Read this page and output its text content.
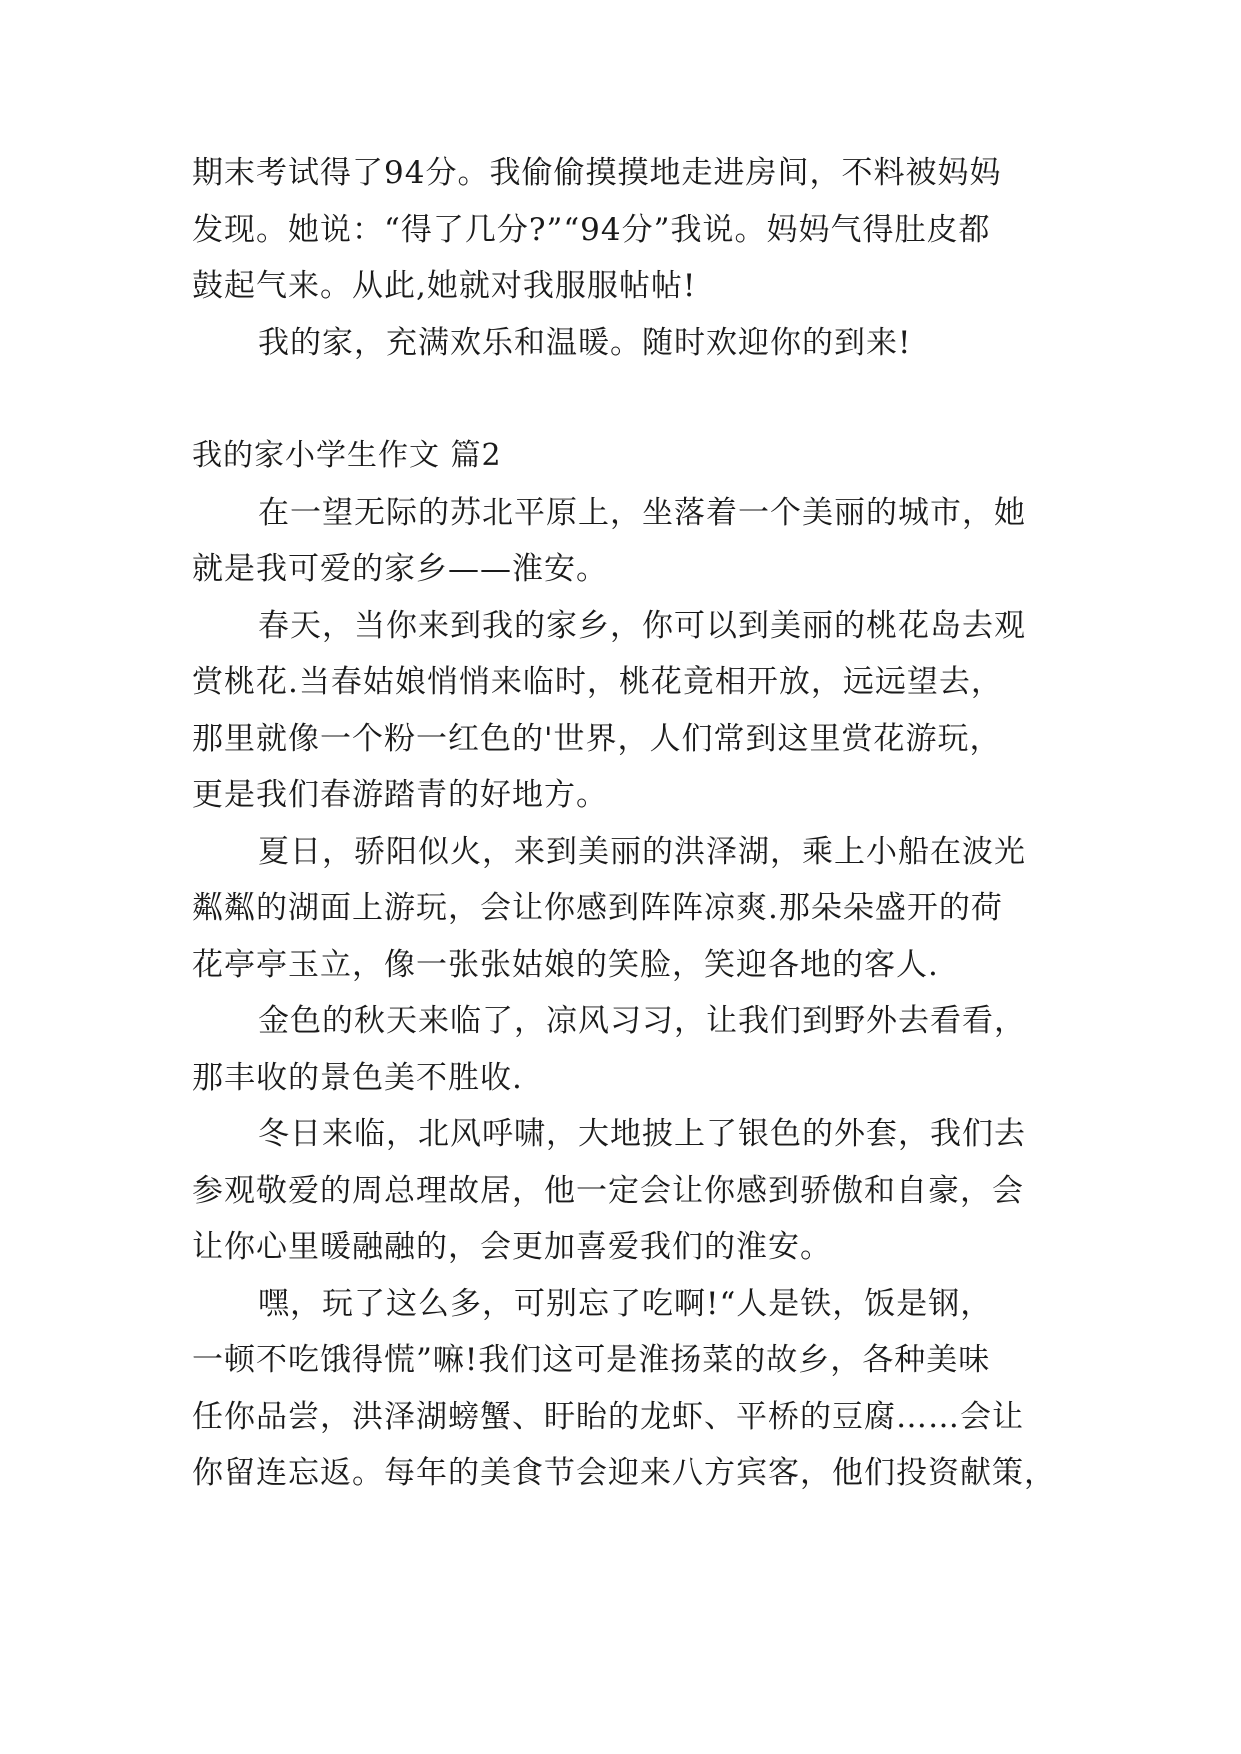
期末考试得了94分。我偷偷摸摸地走进房间，不料被妈妈
发现。她说：“得了几分?”“94分”我说。妈妈气得肚皮都
鼓起气来。从此,她就对我服服帖帖!
我的家，充满欢乐和温暖。随时欢迎你的到来!
我的家小学生作文 篇2
在一望无际的苏北平原上，坐落着一个美丽的城市，她
就是我可爱的家乡——淮安。
春天，当你来到我的家乡，你可以到美丽的桃花岛去观
赏桃花.当春姑娘悄悄来临时，桃花竟相开放，远远望去，
那里就像一个粉一红色的'世界，人们常到这里赏花游玩，
更是我们春游踏青的好地方。
夏日，骄阳似火，来到美丽的洪泽湖，乘上小船在波光
粼粼的湖面上游玩，会让你感到阵阵凉爽.那朵朵盛开的荷
花亭亭玉立，像一张张姑娘的笑脸，笑迎各地的客人.
金色的秋天来临了，凉风习习，让我们到野外去看看，
那丰收的景色美不胜收.
冬日来临，北风呼啸，大地披上了银色的外套，我们去
参观敬爱的周总理故居，他一定会让你感到骄傲和自豪，会
让你心里暖融融的，会更加喜爱我们的淮安。
嘿，玩了这么多，可别忘了吃啊!“人是铁，饭是钢，
一顿不吃饿得慌”嘛!我们这可是淮扬菜的故乡，各种美味
任你品尝，洪泽湖螃蟹、盱眙的龙虾、平桥的豆腐……会让
你留连忘返。每年的美食节会迎来八方宾客，他们投资献策，
